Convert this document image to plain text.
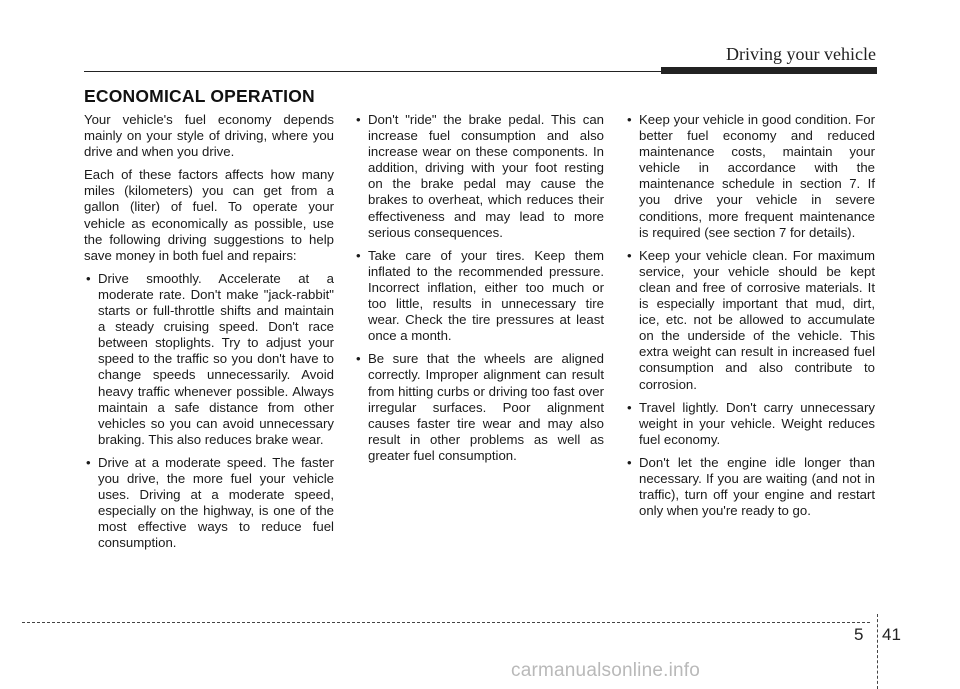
Driving your vehicle
ECONOMICAL OPERATION

Your vehicle's fuel economy depends mainly on your style of driving, where you drive and when you drive.

Each of these factors affects how many miles (kilometers) you can get from a gallon (liter) of fuel. To operate your vehicle as economically as possible, use the following driving suggestions to help save money in both fuel and repairs:

• Drive smoothly. Accelerate at a moderate rate. Don't make "jack-rabbit" starts or full-throttle shifts and maintain a steady cruising speed. Don't race between stoplights. Try to adjust your speed to the traffic so you don't have to change speeds unnecessarily. Avoid heavy traffic whenever possible. Always maintain a safe distance from other vehicles so you can avoid unnecessary braking. This also reduces brake wear.
• Drive at a moderate speed. The faster you drive, the more fuel your vehicle uses. Driving at a moderate speed, especially on the highway, is one of the most effective ways to reduce fuel consumption.
• Don't "ride" the brake pedal. This can increase fuel consumption and also increase wear on these components. In addition, driving with your foot resting on the brake pedal may cause the brakes to overheat, which reduces their effectiveness and may lead to more serious consequences.
• Take care of your tires. Keep them inflated to the recommended pressure. Incorrect inflation, either too much or too little, results in unnecessary tire wear. Check the tire pressures at least once a month.
• Be sure that the wheels are aligned correctly. Improper alignment can result from hitting curbs or driving too fast over irregular surfaces. Poor alignment causes faster tire wear and may also result in other problems as well as greater fuel consumption.
• Keep your vehicle in good condition. For better fuel economy and reduced maintenance costs, maintain your vehicle in accordance with the maintenance schedule in section 7. If you drive your vehicle in severe conditions, more frequent maintenance is required (see section 7 for details).
• Keep your vehicle clean. For maximum service, your vehicle should be kept clean and free of corrosive materials. It is especially important that mud, dirt, ice, etc. not be allowed to accumulate on the underside of the vehicle. This extra weight can result in increased fuel consumption and also contribute to corrosion.
• Travel lightly. Don't carry unnecessary weight in your vehicle. Weight reduces fuel economy.
• Don't let the engine idle longer than necessary. If you are waiting (and not in traffic), turn off your engine and restart only when you're ready to go.
5 41
carmanualsonline.info
